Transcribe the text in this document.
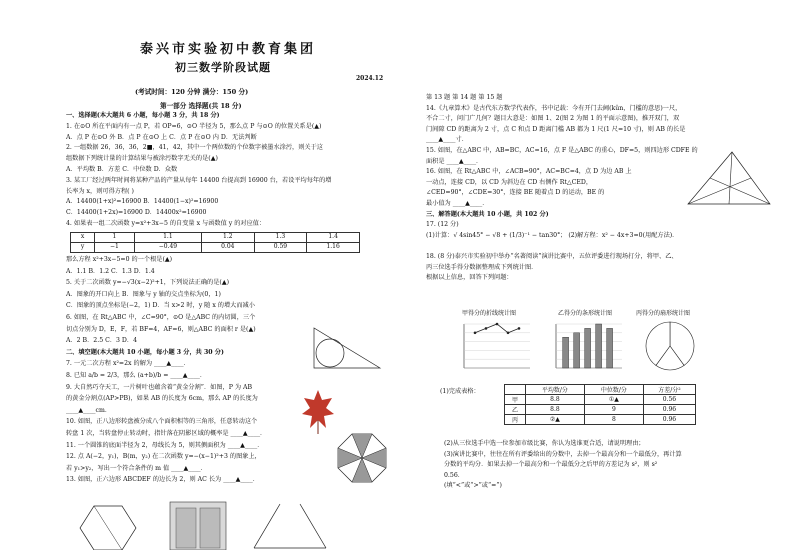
泰兴市实验初中教育集团
初三数学阶段试题
2024.12
(考试时间：120 分钟 满分：150 分)
第一部分 选择题(共 18 分)
一、选择题(本大题共 6 小题，每小题 3 分，共 18 分)
1. 在⊙O 所在平面内有一点 P，若 OP=6，⊙O 半径为 5，那么点 P 与⊙O 的位置关系是(▲)
A．点 P 在⊙O 外 B．点 P 在⊙O 上 C．点 P 在⊙O 内 D．无法判断
2. 一组数据 26，36，36，2■，41，42，其中一个两位数的个位数字被墨水涂污，则关于这
组数据下列统计量的计算结果与被涂污数字无关的是(▲)
A．平均数 B．方差 C．中位数 D．众数
3. 某工厂经过两年时间将某种产品的产量从每年 14400 台提高到 16900 台，若设平均每年的增
长率为 x，则可得方程( )
A．14400(1+x)²=16900 B．14400(1−x)²=16900
C．14400(1+2x)=16900 D．14400x²=16900
4. 如果表一组二次函数 y=x²+3x−5 的自变量 x 与函数值 y 的对应值：
x	1	1.1	1.2	1.3	1.4
y	−1	−0.49	0.04	0.59	1.16
那么方程 x²+3x−5=0 的一个根是(▲)
A．1.1 B．1.2 C．1.3 D．1.4
5. 关于二次函数 y=−√3(x−2)²+1，下列说法正确的是(▲)
A．图象的开口向上 B．图象与 y 轴的交点坐标为(0，1)
C．图象的顶点坐标是(−2，1) D．当 x>2 时，y 随 x 的增大而减小
6. 如图，在 Rt△ABC 中，∠C=90°，⊙O 是△ABC 的内切圆，三个
切点分别为 D，E，F，若 BF=4，AF=6，则△ABC 的面积 r 是(▲)
A．2 B．2.5 C．3 D．4
二、填空题(本大题共 10 小题，每小题 3 分，共 30 分)
7. 一元二次方程 x²=2x 的解为 ____▲____．
8. 已知 a/b = 2/3，那么 (a+b)/b = ____▲____．
9. 大自然巧夺天工，一片树叶也蕴含着“黄金分割”．如图，P 为 AB
的黄金分割点(AP>PB)，如果 AB 的长度为 6cm，那么 AP 的长度为
____▲____cm．
10. 如图，正八边形转盘被分成八个面积相等的三角形，任意转动这个
转盘 1 次，当转盘停止转动时，指针落在阴影区域的概率是 ____▲____．
11. 一个圆锥的底面半径为 2，母线长为 5，则其侧面积为 ____▲____．
12. 点 A(−2，y₁)，B(m，y₂) 在二次函数 y=−(x−1)²+3 的图象上，
若 y₁>y₂，写出一个符合条件的 m 值 ____▲____．
13. 如图，正六边形 ABCDEF 的边长为 2，则 AC 长为 ____▲____．
第 13 题 第 14 题 第 15 题
14.《九章算术》是古代东方数学代表作，书中记载：今有开门去阃(kǔn，门槛的意思)一尺，
不合二寸，问门广几何？题目大意是：如图 1、2(图 2 为图 1 的平面示意图)，推开双门，双
门间隙 CD 的距离为 2 寸，点 C 和点 D 距离门槛 AB 都为 1 尺(1 尺=10 寸)，则 AB 的长是
____▲____寸．
15. 如图，在△ABC 中，AB=BC，AC=16，点 F 是△ABC 的重心，DF=5，则四边形 CDFE 的
面积是 ____▲____．
16. 如图，在 Rt△ABC 中，∠ACB=90°，AC=BC=4，点 D 为边 AB 上
一动点，连接 CD，以 CD 为斜边在 CD 右侧作 Rt△CED，
∠CED=90°，∠CDE=30°，连接 BE 随着点 D 的运动，BE 的
最小值为 ____▲____．
三、解答题(本大题共 10 小题，共 102 分)
17. (12 分)
(1)计算：√ 4sin45° − √8 + (1/3)⁻¹ − tan30°； (2)解方程：x² − 4x+3=0(用配方法)．
18. (8 分)泰兴市实验初中举办“名著阅读”演讲比赛中，五位评委进行现场打分，将甲、乙、
丙三位选手得分数据整理成下列统计图．
根据以上信息，回答下列问题：
甲得分的折线统计图	乙得分的条形统计图	丙得分的扇形统计图
(1)完成表格：
		平均数/分	中位数/分	方差/分²
甲	8.8	①▲	0.56
乙	8.8	9	0.96
丙	②▲	8	0.96
(2)从三位选手中选一位参加市级比赛，你认为选谁更合适，请说明理由；
(3)演讲比赛中，往往在所有评委给出的分数中，去掉一个最高分和一个最低分，再计算
分数的平均分．如果去掉一个最高分和一个最低分之后甲的方差记为 s²，则 s²
0.56．
(填“<”或“>”或“=”)
